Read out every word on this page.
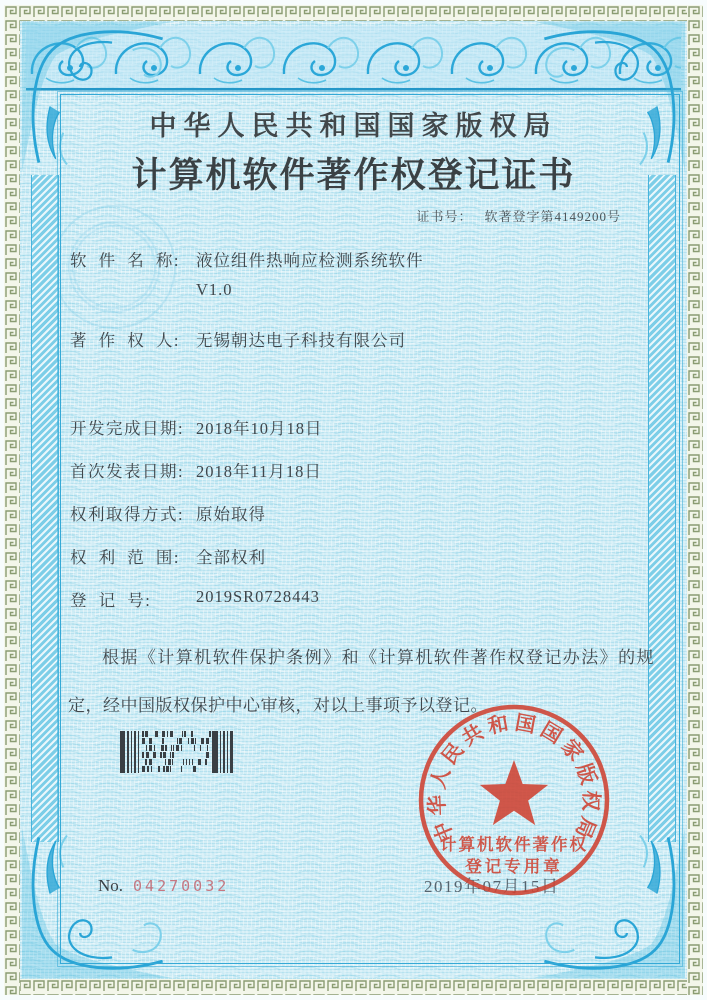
中华人民共和国国家版权局
计算机软件著作权登记证书
证书号： 软著登字第4149200号
软 件 名 称: 液位组件热响应检测系统软件
V1.0
著 作 权 人: 无锡朝达电子科技有限公司
开发完成日期: 2018年10月18日
首次发表日期: 2018年11月18日
权利取得方式: 原始取得
权 利 范 围: 全部权利
登 记 号:	2019SR0728443
根据《计算机软件保护条例》和《计算机软件著作权登记办法》的规定，经中国版权保护中心审核，对以上事项予以登记。
2019年07月15日
中华人民共和国国家版权局
计算机软件著作权
登记专用章
No. 04270032
